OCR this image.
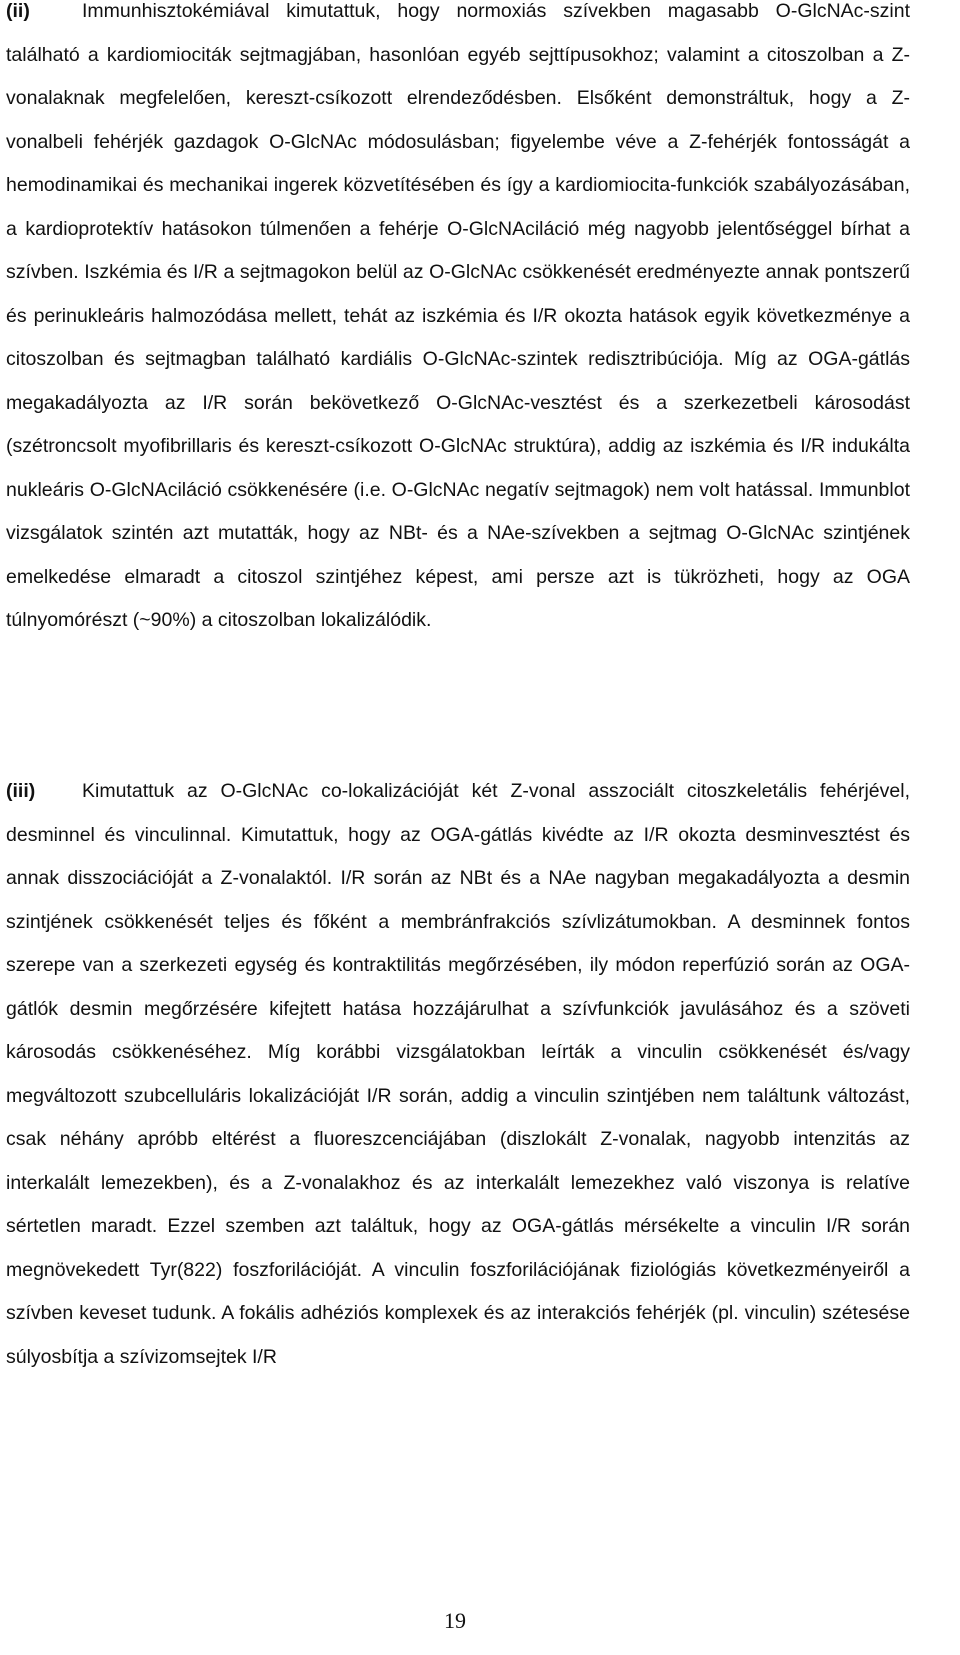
(ii)	Immunhisztokémiával kimutattuk, hogy normoxiás szívekben magasabb O-GlcNAc-szint található a kardiomiociták sejtmagjában, hasonlóan egyéb sejttípusokhoz; valamint a citoszolban a Z-vonalaknak megfelelően, kereszt-csíkozott elrendeződésben. Elsőként demonstráltuk, hogy a Z-vonalbeli fehérjék gazdagok O-GlcNAc módosulásban; figyelembe véve a Z-fehérjék fontosságát a hemodinamikai és mechanikai ingerek közvetítésében és így a kardiomiocita-funkciók szabályozásában, a kardioprotektív hatásokon túlmenően a fehérje O-GlcNAciláció még nagyobb jelentőséggel bírhat a szívben. Iszkémia és I/R a sejtmagokon belül az O-GlcNAc csökkenését eredményezte annak pontszerű és perinukleáris halmozódása mellett, tehát az iszkémia és I/R okozta hatások egyik következménye a citoszolban és sejtmagban található kardiális O-GlcNAc-szintek redisztribúciója. Míg az OGA-gátlás megakadályozta az I/R során bekövetkező O-GlcNAc-vesztést és a szerkezetbeli károsodást (szétroncsolt myofibrillaris és kereszt-csíkozott O-GlcNAc struktúra), addig az iszkémia és I/R indukálta nukleáris O-GlcNAciláció csökkenésére (i.e. O-GlcNAc negatív sejtmagok) nem volt hatással. Immunblot vizsgálatok szintén azt mutatták, hogy az NBt- és a NAe-szívekben a sejtmag O-GlcNAc szintjének emelkedése elmaradt a citoszol szintjéhez képest, ami persze azt is tükrözheti, hogy az OGA túlnyomórészt (~90%) a citoszolban lokalizálódik.
(iii) Kimutattuk az O-GlcNAc co-lokalizációját két Z-vonal asszociált citoszkeletális fehérjével, desminnel és vinculinnal. Kimutattuk, hogy az OGA-gátlás kivédte az I/R okozta desminvesztést és annak disszociációját a Z-vonalaktól. I/R során az NBt és a NAe nagyban megakadályozta a desmin szintjének csökkenését teljes és főként a membránfrakciós szívlizátumokban. A desminnek fontos szerepe van a szerkezeti egység és kontraktilitás megőrzésében, ily módon reperfúzió során az OGA-gátlók desmin megőrzésére kifejtett hatása hozzájárulhat a szívfunkciók javulásához és a szöveti károsodás csökkenéséhez. Míg korábbi vizsgálatokban leírták a vinculin csökkenését és/vagy megváltozott szubcelluláris lokalizációját I/R során, addig a vinculin szintjében nem találtunk változást, csak néhány apróbb eltérést a fluoreszcenciájában (diszlokált Z-vonalak, nagyobb intenzitás az interkalált lemezekben), és a Z-vonalakhoz és az interkalált lemezekhez való viszonya is relatíve sértetlen maradt. Ezzel szemben azt találtuk, hogy az OGA-gátlás mérsékelte a vinculin I/R során megnövekedett Tyr(822) foszforilációját. A vinculin foszforilációjának fiziológiás következményeiről a szívben keveset tudunk. A fokális adhéziós komplexek és az interakciós fehérjék (pl. vinculin) szétesése súlyosbítja a szívizomsejtek I/R
19
